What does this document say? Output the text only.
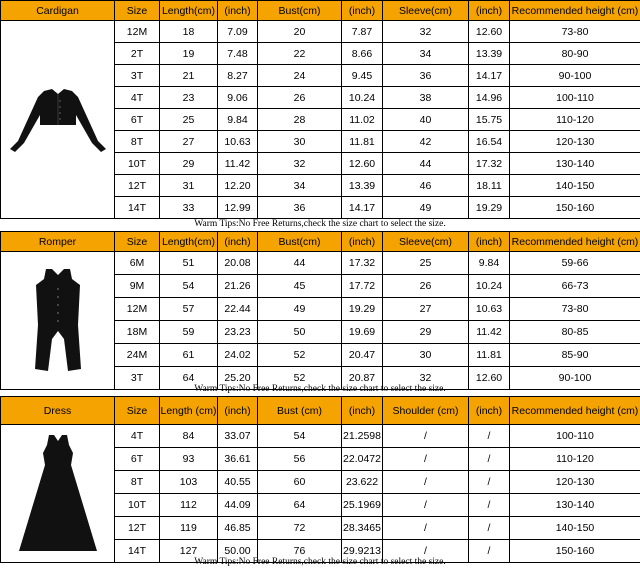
Cardigan	Size	Length(cm)	(inch)	Bust(cm)	(inch)	Sleeve(cm)	(inch)	Recommended height (cm)

	12M	18	7.09	20	7.87	32	12.60	73-80
	2T	19	7.48	22	8.66	34	13.39	80-90
	3T	21	8.27	24	9.45	36	14.17	90-100
	4T	23	9.06	26	10.24	38	14.96	100-110
	6T	25	9.84	28	11.02	40	15.75	110-120
	8T	27	10.63	30	11.81	42	16.54	120-130
	10T	29	11.42	32	12.60	44	17.32	130-140
	12T	31	12.20	34	13.39	46	18.11	140-150
	14T	33	12.99	36	14.17	49	19.29	150-160
Warm Tips:No Free Returns,check the size chart to select the size.
Romper	Size	Length(cm)	(inch)	Bust(cm)	(inch)	Sleeve(cm)	(inch)	Recommended height (cm)

	6M	51	20.08	44	17.32	25	9.84	59-66
	9M	54	21.26	45	17.72	26	10.24	66-73
	12M	57	22.44	49	19.29	27	10.63	73-80
	18M	59	23.23	50	19.69	29	11.42	80-85
	24M	61	24.02	52	20.47	30	11.81	85-90
	3T	64	25.20	52	20.87	32	12.60	90-100
Warm Tips:No Free Returns,check the size chart to select the size.
Dress	Size	Length (cm)	(inch)	Bust (cm)	(inch)	Shoulder (cm)	(inch)	Recommended height (cm)

	4T	84	33.07	54	21.2598	/	/	100-110
	6T	93	36.61	56	22.0472	/	/	110-120
	8T	103	40.55	60	23.622	/	/	120-130
	10T	112	44.09	64	25.1969	/	/	130-140
	12T	119	46.85	72	28.3465	/	/	140-150
	14T	127	50.00	76	29.9213	/	/	150-160
Warm Tips:No Free Returns,check the size chart to select the size.
